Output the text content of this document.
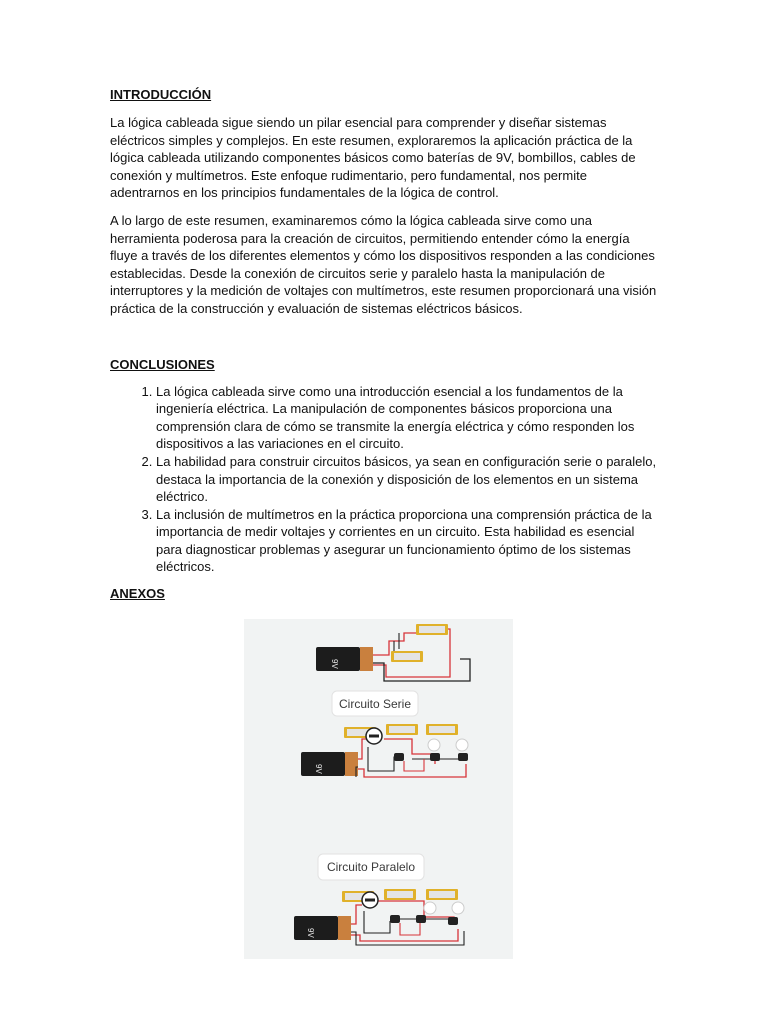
INTRODUCCIÓN

La lógica cableada sigue siendo un pilar esencial para comprender y diseñar sistemas eléctricos simples y complejos. En este resumen, exploraremos la aplicación práctica de la lógica cableada utilizando componentes básicos como baterías de 9V, bombillos, cables de conexión y multímetros. Este enfoque rudimentario, pero fundamental, nos permite adentrarnos en los principios fundamentales de la lógica de control.

A lo largo de este resumen, examinaremos cómo la lógica cableada sirve como una herramienta poderosa para la creación de circuitos, permitiendo entender cómo la energía fluye a través de los diferentes elementos y cómo los dispositivos responden a las condiciones establecidas. Desde la conexión de circuitos serie y paralelo hasta la manipulación de interruptores y la medición de voltajes con multímetros, este resumen proporcionará una visión práctica de la construcción y evaluación de sistemas eléctricos básicos.

CONCLUSIONES
1. La lógica cableada sirve como una introducción esencial a los fundamentos de la ingeniería eléctrica. La manipulación de componentes básicos proporciona una comprensión clara de cómo se transmite la energía eléctrica y cómo responden los dispositivos a las variaciones en el circuito.
2. La habilidad para construir circuitos básicos, ya sean en configuración serie o paralelo, destaca la importancia de la conexión y disposición de los elementos en un sistema eléctrico.
3. La inclusión de multímetros en la práctica proporciona una comprensión práctica de la importancia de medir voltajes y corrientes en un circuito. Esta habilidad es esencial para diagnosticar problemas y asegurar un funcionamiento óptimo de los sistemas eléctricos.
ANEXOS
9V
Circuito Serie
9V
Circuito Paralelo
9V
